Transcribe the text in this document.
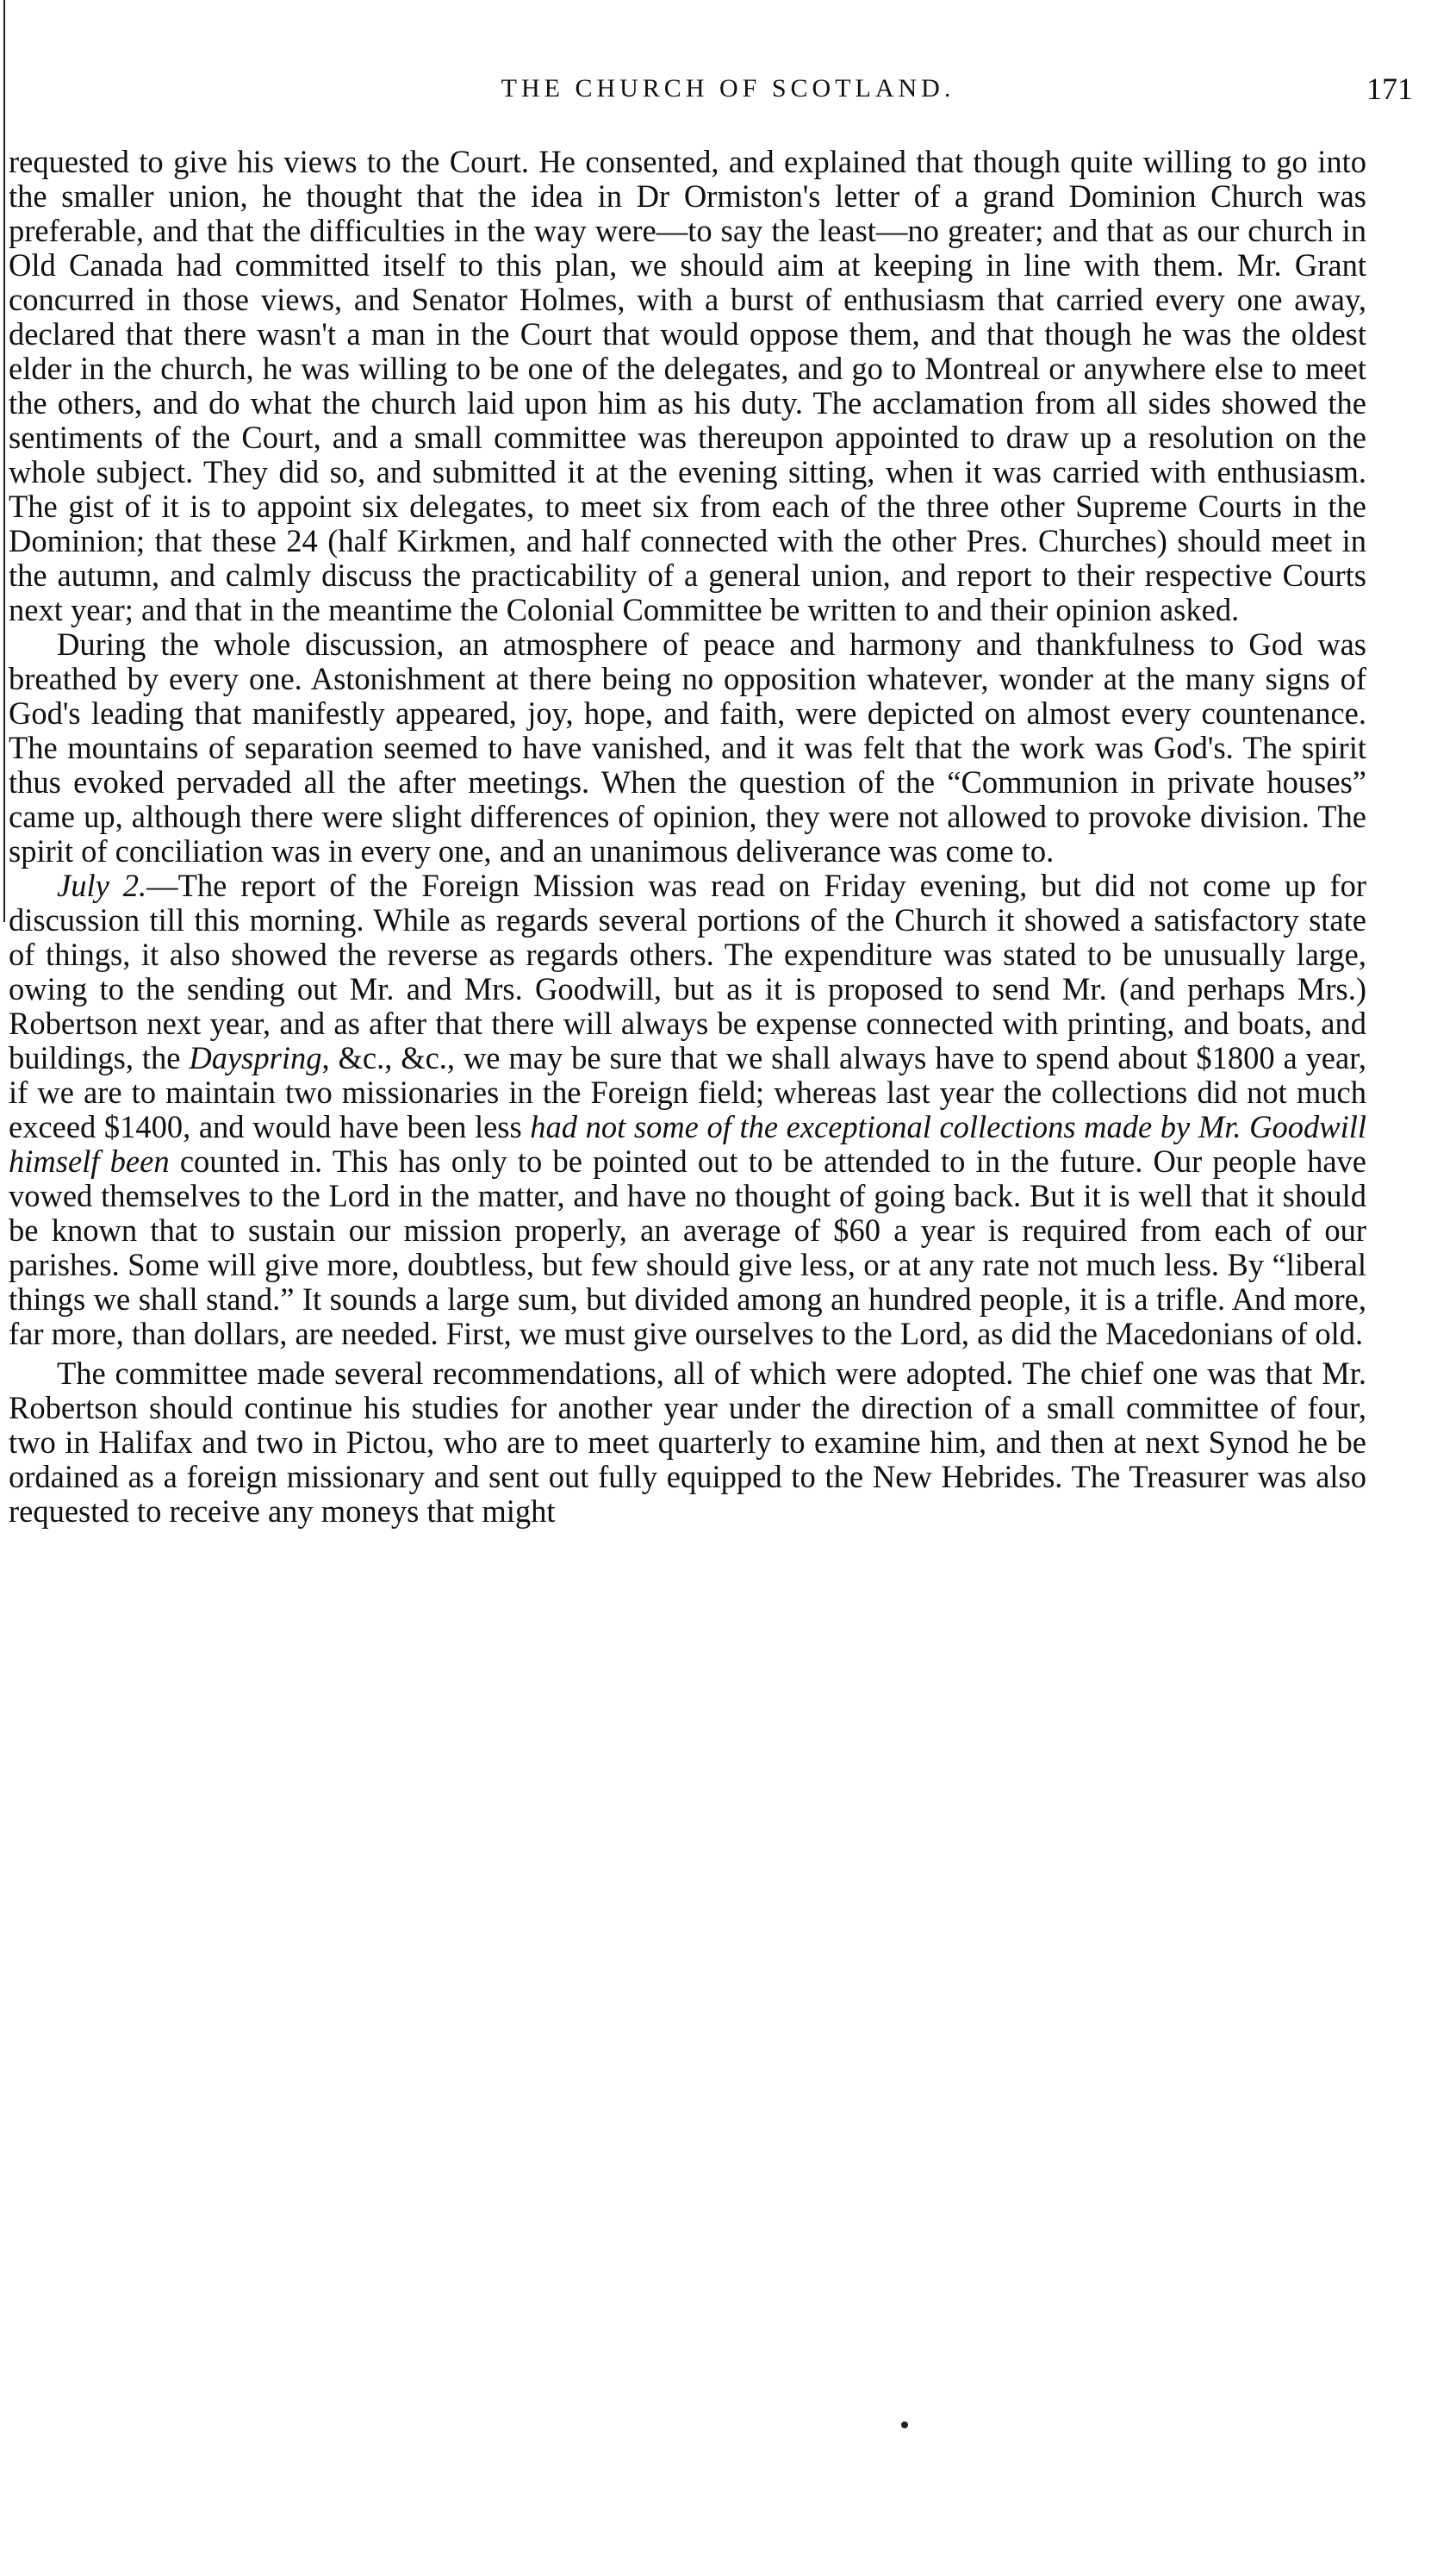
THE CHURCH OF SCOTLAND.	171

requested to give his views to the Court. He consented, and explained that though quite willing to go into the smaller union, he thought that the idea in Dr Ormiston's letter of a grand Dominion Church was preferable, and that the difficulties in the way were—to say the least—no greater; and that as our church in Old Canada had committed itself to this plan, we should aim at keeping in line with them. Mr. Grant concurred in those views, and Senator Holmes, with a burst of enthusiasm that carried every one away, declared that there wasn't a man in the Court that would oppose them, and that though he was the oldest elder in the church, he was willing to be one of the delegates, and go to Montreal or anywhere else to meet the others, and do what the church laid upon him as his duty. The acclamation from all sides showed the sentiments of the Court, and a small committee was thereupon appointed to draw up a resolution on the whole subject. They did so, and submitted it at the evening sitting, when it was carried with enthusiasm. The gist of it is to appoint six delegates, to meet six from each of the three other Supreme Courts in the Dominion; that these 24 (half Kirkmen, and half connected with the other Pres. Churches) should meet in the autumn, and calmly discuss the practicability of a general union, and report to their respective Courts next year; and that in the meantime the Colonial Committee be written to and their opinion asked.

During the whole discussion, an atmosphere of peace and harmony and thankfulness to God was breathed by every one. Astonishment at there being no opposition whatever, wonder at the many signs of God's leading that manifestly appeared, joy, hope, and faith, were depicted on almost every countenance. The mountains of separation seemed to have vanished, and it was felt that the work was God's. The spirit thus evoked pervaded all the after meetings. When the question of the “Communion in private houses” came up, although there were slight differences of opinion, they were not allowed to provoke division. The spirit of conciliation was in every one, and an unanimous deliverance was come to.

July 2.—The report of the Foreign Mission was read on Friday evening, but did not come up for discussion till this morning. While as regards several portions of the Church it showed a satisfactory state of things, it also showed the reverse as regards others. The expenditure was stated to be unusually large, owing to the sending out Mr. and Mrs. Goodwill, but as it is proposed to send Mr. (and perhaps Mrs.) Robertson next year, and as after that there will always be expense connected with printing, and boats, and buildings, the Dayspring, &c., &c., we may be sure that we shall always have to spend about $1800 a year, if we are to maintain two missionaries in the Foreign field; whereas last year the collections did not much exceed $1400, and would have been less had not some of the exceptional collections made by Mr. Goodwill himself been counted in. This has only to be pointed out to be attended to in the future. Our people have vowed themselves to the Lord in the matter, and have no thought of going back. But it is well that it should be known that to sustain our mission properly, an average of $60 a year is required from each of our parishes. Some will give more, doubtless, but few should give less, or at any rate not much less. By “liberal things we shall stand.” It sounds a large sum, but divided among an hundred people, it is a trifle. And more, far more, than dollars, are needed. First, we must give ourselves to the Lord, as did the Macedonians of old.

The committee made several recommendations, all of which were adopted. The chief one was that Mr. Robertson should continue his studies for another year under the direction of a small committee of four, two in Halifax and two in Pictou, who are to meet quarterly to examine him, and then at next Synod he be ordained as a foreign missionary and sent out fully equipped to the New Hebrides. The Treasurer was also requested to receive any moneys that might
